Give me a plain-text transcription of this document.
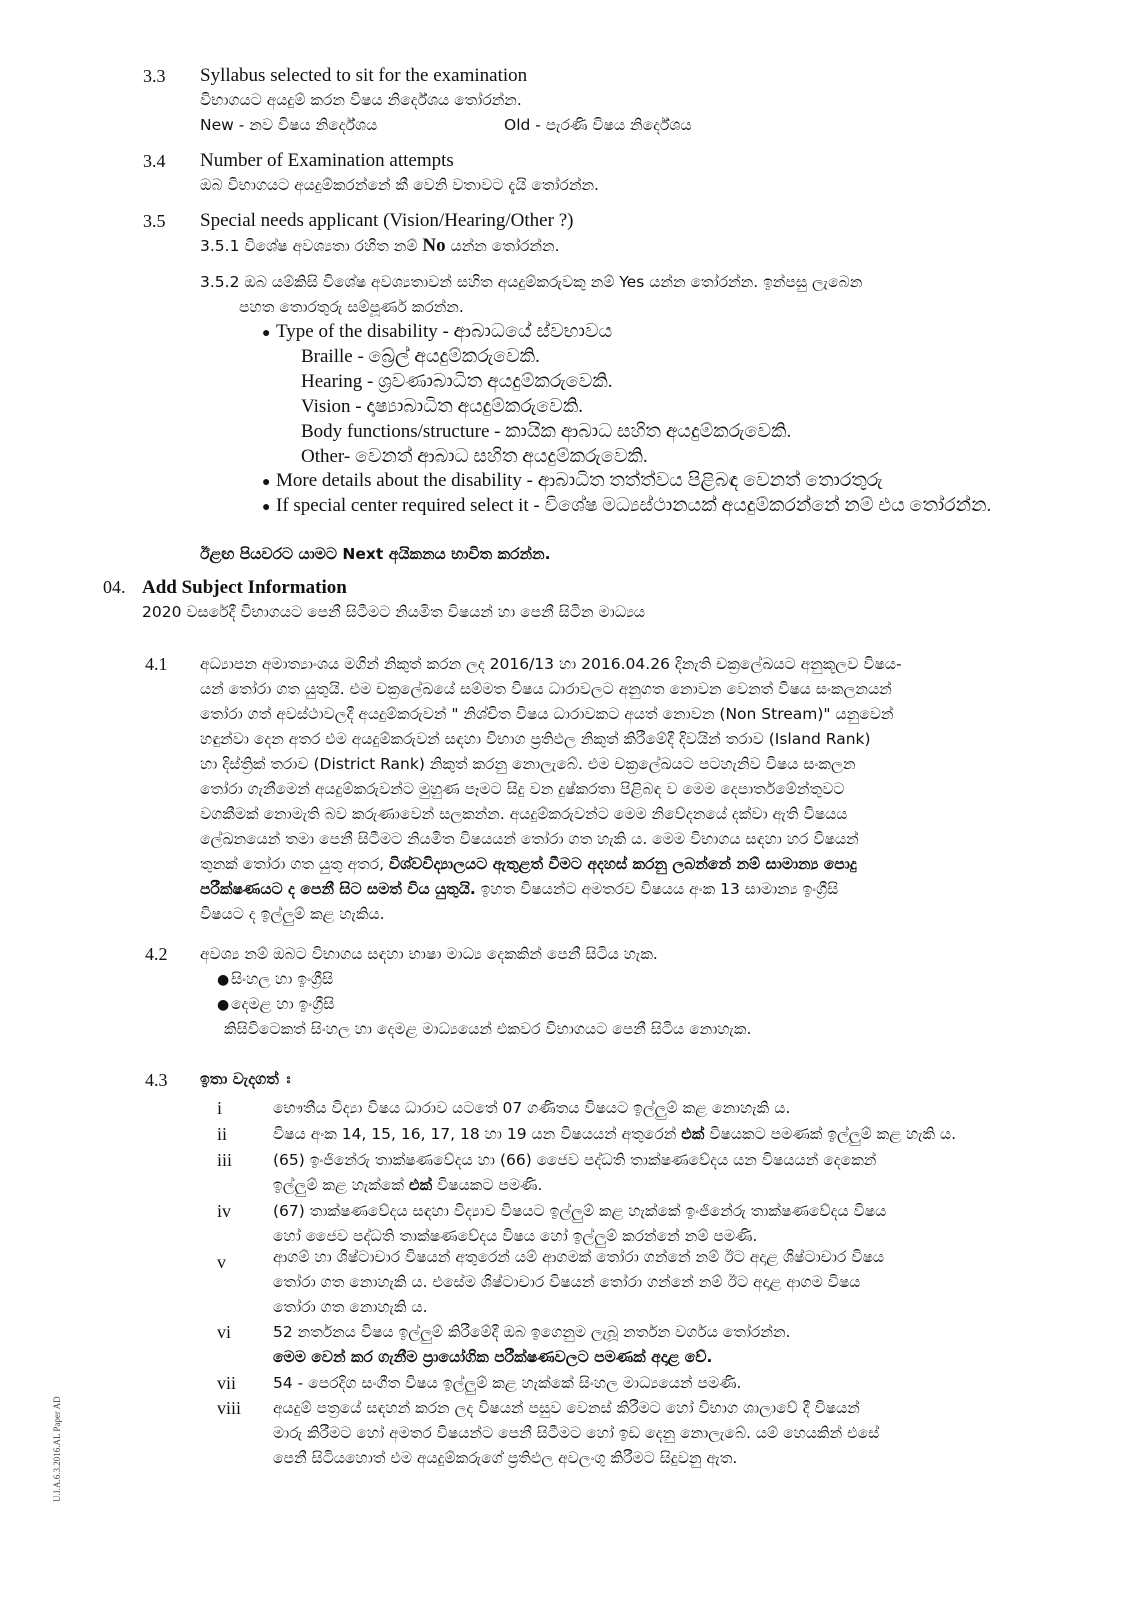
3.3 Syllabus selected to sit for the examination
විභාගයට අයදුම් කරන විෂය නිර්දේශය තෝරන්න.
New - නව විෂය නිර්දේශය	Old - පැරණි විෂය නිර්දේශය
3.4 Number of Examination attempts
ඔබ විභාගයට අයදුම්කරන්නේ කී වෙනි වතාවට දැයි තෝරන්න.
3.5 Special needs applicant (Vision/Hearing/Other ?)
3.5.1 විශේෂ අවශ්‍යතා රහිත නම් No යන්න තෝරන්න.
3.5.2 ඔබ යම්කිසි විශේෂ අවශ්‍යතාවන් සහිත අයදුම්කරුවකු නම් Yes යන්න තෝරන්න. ඉන්පසු ලැබෙන
පහත තොරතුරු සම්පූර්ණ කරන්න.
● Type of the disability - ආබාධයේ ස්වභාවය
Braille - බ්‍රේල් අයදුම්කරුවෙකි.
Hearing - ශ්‍රවණාබාධිත අයදුම්කරුවෙකි.
Vision - දෘෂ්‍යාබාධිත අයදුම්කරුවෙකි.
Body functions/structure - කායික ආබාධ සහිත අයදුම්කරුවෙකි.
Other- වෙනත් ආබාධ සහිත අයදුම්කරුවෙකි.
● More details about the disability - ආබාධිත තත්ත්වය පිළිබඳ වෙනත් තොරතුරු
● If special center required select it - විශේෂ මධ්‍යස්ථානයක් අයදුම්කරන්නේ නම් එය තෝරන්න.
ඊළඟ පියවරට යාමට Next අයිකනය භාවිත කරන්න.
04. Add Subject Information
2020 වසරේදී විභාගයට පෙනී සිටීමට නියමිත විෂයන් හා පෙනී සිටින මාධ්‍යය
4.1 අධ්‍යාපන අමාත්‍යාංශය මගින් නිකුත් කරන ලද 2016/13 හා 2016.04.26 දිනැති චක්‍රලේඛයට අනුකූලව විෂය-
යන් තෝරා ගත යුතුයි. එම චක්‍රලේඛයේ සම්මත විෂය ධාරාවලට අනුගත නොවන වෙනත් විෂය සංකලනයන්
තෝරා ගත් අවස්ථාවලදී අයදුම්කරුවන් " නිශ්චිත විෂය ධාරාවකට අයත් නොවන (Non Stream)" යනුවෙන්
හඳුන්වා දෙන අතර එම අයදුම්කරුවන් සඳහා විභාග ප්‍රතිඵල නිකුත් කිරීමේදී දිවයින් තරාව (Island Rank)
හා දිස්ත්‍රික් තරාව (District Rank) නිකුත් කරනු නොලැබේ. එම චක්‍රලේඛයට පටහැනිව විෂය සංකලන
තෝරා ගැනීමෙන් අයදුම්කරුවන්ට මුහුණ පෑමට සිදු වන දුෂ්කරතා පිළිබඳ ව මෙම දෙපාර්තමේන්තුවට
වගකීමක් නොමැති බව කරුණාවෙන් සලකන්න. අයදුම්කරුවන්ට මෙම නිවේදනයේ දක්වා ඇති විෂයය
ලේඛනයෙන් තමා පෙනී සිටීමට නියමිත විෂයයන් තෝරා ගත හැකි ය. මෙම විභාගය සඳහා හර විෂයන්
තුනක් තෝරා ගත යුතු අතර, විශ්වවිද්‍යාලයට ඇතුළත් වීමට අදහස් කරනු ලබන්නේ නම් සාමාන්‍ය පොදු
පරීක්ෂණයට ද පෙනී සිට සමත් විය යුතුයි. ඉහත විෂයන්ට අමතරව විෂයය අංක 13 සාමාන්‍ය ඉංග්‍රීසි
විෂයට ද ඉල්ලුම් කළ හැකිය.
4.2 අවශ්‍ය නම් ඔබට විභාගය සඳහා භාෂා මාධ්‍ය දෙකකින් පෙනී සිටිය හැක.
● සිංහල හා ඉංග්‍රීසි
● දෙමළ හා ඉංග්‍රීසි
කිසිවිටෙකත් සිංහල හා දෙමළ මාධ්‍යයෙන් එකවර විභාගයට පෙනී සිටිය නොහැක.
4.3 ඉතා වැදගත් ඃ
i	භෞතීය විද්‍යා විෂය ධාරාව යටතේ 07 ගණිතය විෂයට ඉල්ලුම් කළ නොහැකි ය.
ii	විෂය අංක 14, 15, 16, 17, 18 හා 19 යන විෂයයන් අතුරෙන් එක් විෂයකට පමණක් ඉල්ලුම් කළ හැකි ය.
iii	(65) ඉංජිනේරු තාක්ෂණවේදය හා (66) ජෛව පද්ධති තාක්ෂණවේදය යන විෂයයන් දෙකෙන්
ඉල්ලුම් කළ හැක්කේ එක් විෂයකට පමණි.
iv	(67) තාක්ෂණවේදය සඳහා විද්‍යාව විෂයට ඉල්ලුම් කළ හැක්කේ ඉංජිනේරු තාක්ෂණවේදය විෂය
හෝ ජෛව පද්ධති තාක්ෂණවේදය විෂය හෝ ඉල්ලුම් කරන්නේ නම් පමණි.
v	ආගම් හා ශිෂ්ටාචාර විෂයන් අතුරෙන් යම් ආගමක් තෝරා ගන්නේ නම් ඊට අදාළ ශිෂ්ටාචාර විෂය
තෝරා ගත නොහැකි ය. එසේම ශිෂ්ටාචාර විෂයන් තෝරා ගන්නේ නම් ඊට අදාළ ආගම විෂය
තෝරා ගත නොහැකි ය.
vi	52 නර්තනය විෂය ඉල්ලුම් කිරීමේදී ඔබ ඉගෙනුම ලැබූ නර්තන වර්ගය තෝරන්න.
මෙම වෙන් කර ගැනීම ප්‍රායෝගික පරීක්ෂණවලට පමණක් අදාළ වේ.
vii 54 - පෙරදිග සංගීත විෂය ඉල්ලුම් කළ හැක්කේ සිංහල මාධ්‍යයෙන් පමණි.
viii අයදුම් පත්‍රයේ සඳහන් කරන ලද විෂයන් පසුව වෙනස් කිරීමට හෝ විභාග ශාලාවේ දී විෂයන්
මාරු කිරීමට හෝ අමතර විෂයන්ට පෙනී සිටීමට හෝ ඉඩ දෙනු නොලැබේ. යම් හෙයකින් එසේ
පෙනී සිටියහොත් එම අයදුම්කරුගේ ප්‍රතිඵල අවලංගු කිරීමට සිදුවනු ඇත.
U.I.A.6.3.2016.AL Paper AD
